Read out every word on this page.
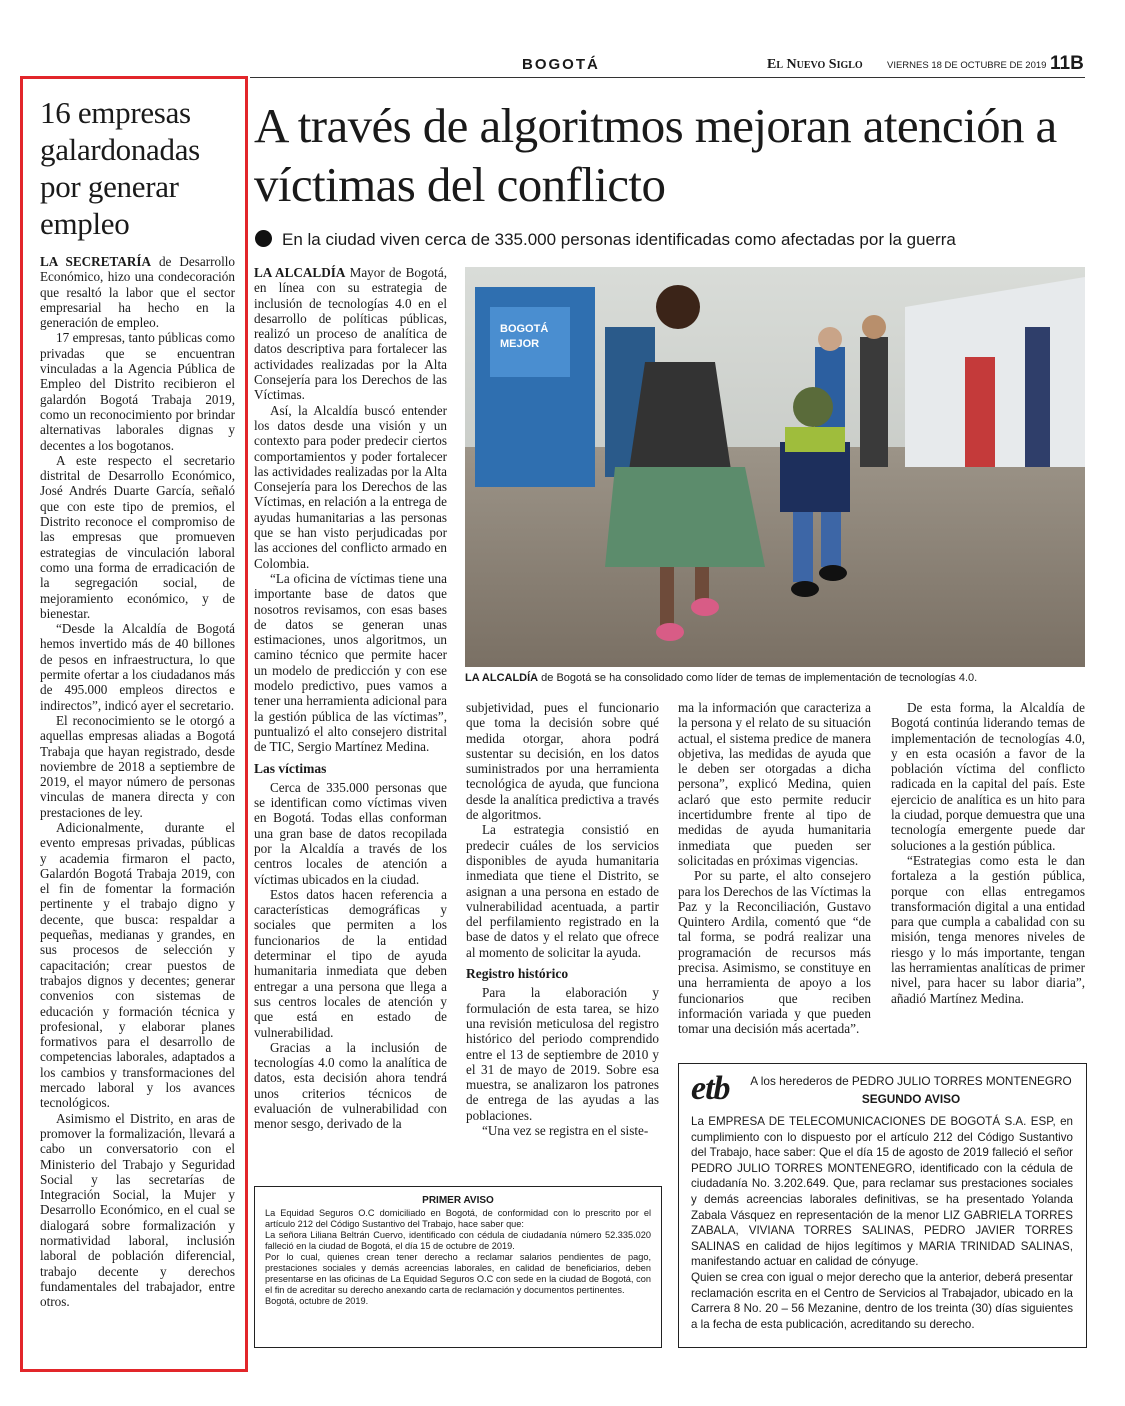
BOGOTÁ	El Nuevo Siglo	VIERNES 18 DE OCTUBRE DE 2019 11B
16 empresas galardonadas por generar empleo

LA SECRETARÍA de Desarrollo Económico, hizo una condecoración que resaltó la labor que el sector empresarial ha hecho en la generación de empleo.

17 empresas, tanto públicas como privadas que se encuentran vinculadas a la Agencia Pública de Empleo del Distrito recibieron el galardón Bogotá Trabaja 2019, como un reconocimiento por brindar alternativas laborales dignas y decentes a los bogotanos.

A este respecto el secretario distrital de Desarrollo Económico, José Andrés Duarte García, señaló que con este tipo de premios, el Distrito reconoce el compromiso de las empresas que promueven estrategias de vinculación laboral como una forma de erradicación de la segregación social, de mejoramiento económico, y de bienestar.

“Desde la Alcaldía de Bogotá hemos invertido más de 40 billones de pesos en infraestructura, lo que permite ofertar a los ciudadanos más de 495.000 empleos directos e indirectos”, indicó ayer el secretario.

El reconocimiento se le otorgó a aquellas empresas aliadas a Bogotá Trabaja que hayan registrado, desde noviembre de 2018 a septiembre de 2019, el mayor número de personas vinculas de manera directa y con prestaciones de ley.

Adicionalmente, durante el evento empresas privadas, públicas y academia firmaron el pacto, Galardón Bogotá Trabaja 2019, con el fin de fomentar la formación pertinente y el trabajo digno y decente, que busca: respaldar a pequeñas, medianas y grandes, en sus procesos de selección y capacitación; crear puestos de trabajos dignos y decentes; generar convenios con sistemas de educación y formación técnica y profesional, y elaborar planes formativos para el desarrollo de competencias laborales, adaptados a los cambios y transformaciones del mercado laboral y los avances tecnológicos.

Asimismo el Distrito, en aras de promover la formalización, llevará a cabo un conversatorio con el Ministerio del Trabajo y Seguridad Social y las secretarías de Integración Social, la Mujer y Desarrollo Económico, en el cual se dialogará sobre formalización y normatividad laboral, inclusión laboral de población diferencial, trabajo decente y derechos fundamentales del trabajador, entre otros.

A través de algoritmos mejoran atención a víctimas del conflicto
En la ciudad viven cerca de 335.000 personas identificadas como afectadas por la guerra
BOGOTÁ
MEJOR
LA ALCALDÍA de Bogotá se ha consolidado como líder de temas de implementación de tecnologías 4.0.

LA ALCALDÍA Mayor de Bogotá, en línea con su estrategia de inclusión de tecnologías 4.0 en el desarrollo de políticas públicas, realizó un proceso de analítica de datos descriptiva para fortalecer las actividades realizadas por la Alta Consejería para los Derechos de las Víctimas.

Así, la Alcaldía buscó entender los datos desde una visión y un contexto para poder predecir ciertos comportamientos y poder fortalecer las actividades realizadas por la Alta Consejería para los Derechos de las Víctimas, en relación a la entrega de ayudas humanitarias a las personas que se han visto perjudicadas por las acciones del conflicto armado en Colombia.

“La oficina de víctimas tiene una importante base de datos que nosotros revisamos, con esas bases de datos se generan unas estimaciones, unos algoritmos, un camino técnico que permite hacer un modelo de predicción y con ese modelo predictivo, pues vamos a tener una herramienta adicional para la gestión pública de las víctimas”, puntualizó el alto consejero distrital de TIC, Sergio Martínez Medina.

Las víctimas

Cerca de 335.000 personas que se identifican como víctimas viven en Bogotá. Todas ellas conforman una gran base de datos recopilada por la Alcaldía a través de los centros locales de atención a víctimas ubicados en la ciudad.

Estos datos hacen referencia a características demográficas y sociales que permiten a los funcionarios de la entidad determinar el tipo de ayuda humanitaria inmediata que deben entregar a una persona que llega a sus centros locales de atención y que está en estado de vulnerabilidad.

Gracias a la inclusión de tecnologías 4.0 como la analítica de datos, esta decisión ahora tendrá unos criterios técnicos de evaluación de vulnerabilidad con menor sesgo, derivado de la

subjetividad, pues el funcionario que toma la decisión sobre qué medida otorgar, ahora podrá sustentar su decisión, en los datos suministrados por una herramienta tecnológica de ayuda, que funciona desde la analítica predictiva a través de algoritmos.

La estrategia consistió en predecir cuáles de los servicios disponibles de ayuda humanitaria inmediata que tiene el Distrito, se asignan a una persona en estado de vulnerabilidad acentuada, a partir del perfilamiento registrado en la base de datos y el relato que ofrece al momento de solicitar la ayuda.

Registro histórico

Para la elaboración y formulación de esta tarea, se hizo una revisión meticulosa del registro histórico del periodo comprendido entre el 13 de septiembre de 2010 y el 31 de mayo de 2019. Sobre esa muestra, se analizaron los patrones de entrega de las ayudas a las poblaciones.

“Una vez se registra en el siste-

ma la información que caracteriza a la persona y el relato de su situación actual, el sistema predice de manera objetiva, las medidas de ayuda que le deben ser otorgadas a dicha persona”, explicó Medina, quien aclaró que esto permite reducir incertidumbre frente al tipo de medidas de ayuda humanitaria inmediata que pueden ser solicitadas en próximas vigencias.

Por su parte, el alto consejero para los Derechos de las Víctimas la Paz y la Reconciliación, Gustavo Quintero Ardila, comentó que “de tal forma, se podrá realizar una programación de recursos más precisa. Asimismo, se constituye en una herramienta de apoyo a los funcionarios que reciben información variada y que pueden tomar una decisión más acertada”.

De esta forma, la Alcaldía de Bogotá continúa liderando temas de implementación de tecnologías 4.0, y en esta ocasión a favor de la población víctima del conflicto radicada en la capital del país. Este ejercicio de analítica es un hito para la ciudad, porque demuestra que una tecnología emergente puede dar soluciones a la gestión pública.

“Estrategias como esta le dan fortaleza a la gestión pública, porque con ellas entregamos transformación digital a una entidad para que cumpla a cabalidad con su misión, tenga menores niveles de riesgo y lo más importante, tengan las herramientas analíticas de primer nivel, para hacer su labor diaria”, añadió Martínez Medina.

PRIMER AVISO
La Equidad Seguros O.C domiciliado en Bogotá, de conformidad con lo prescrito por el artículo 212 del Código Sustantivo del Trabajo, hace saber que:
La señora Liliana Beltrán Cuervo, identificado con cédula de ciudadanía número 52.335.020 falleció en la ciudad de Bogotá, el día 15 de octubre de 2019.
Por lo cual, quienes crean tener derecho a reclamar salarios pendientes de pago, prestaciones sociales y demás acreencias laborales, en calidad de beneficiarios, deben presentarse en las oficinas de La Equidad Seguros O.C con sede en la ciudad de Bogotá, con el fin de acreditar su derecho anexando carta de reclamación y documentos pertinentes.
Bogotá, octubre de 2019.
etb	A los herederos de PEDRO JULIO TORRES MONTENEGRO
SEGUNDO AVISO
La EMPRESA DE TELECOMUNICACIONES DE BOGOTÁ S.A. ESP, en cumplimiento con lo dispuesto por el artículo 212 del Código Sustantivo del Trabajo, hace saber: Que el día 15 de agosto de 2019 falleció el señor PEDRO JULIO TORRES MONTENEGRO, identificado con la cédula de ciudadanía No. 3.202.649. Que, para reclamar sus prestaciones sociales y demás acreencias laborales definitivas, se ha presentado Yolanda Zabala Vásquez en representación de la menor LIZ GABRIELA TORRES ZABALA, VIVIANA TORRES SALINAS, PEDRO JAVIER TORRES SALINAS en calidad de hijos legítimos y MARIA TRINIDAD SALINAS, manifestando actuar en calidad de cónyuge.
Quien se crea con igual o mejor derecho que la anterior, deberá presentar reclamación escrita en el Centro de Servicios al Trabajador, ubicado en la Carrera 8 No. 20 – 56 Mezanine, dentro de los treinta (30) días siguientes a la fecha de esta publicación, acreditando su derecho.
